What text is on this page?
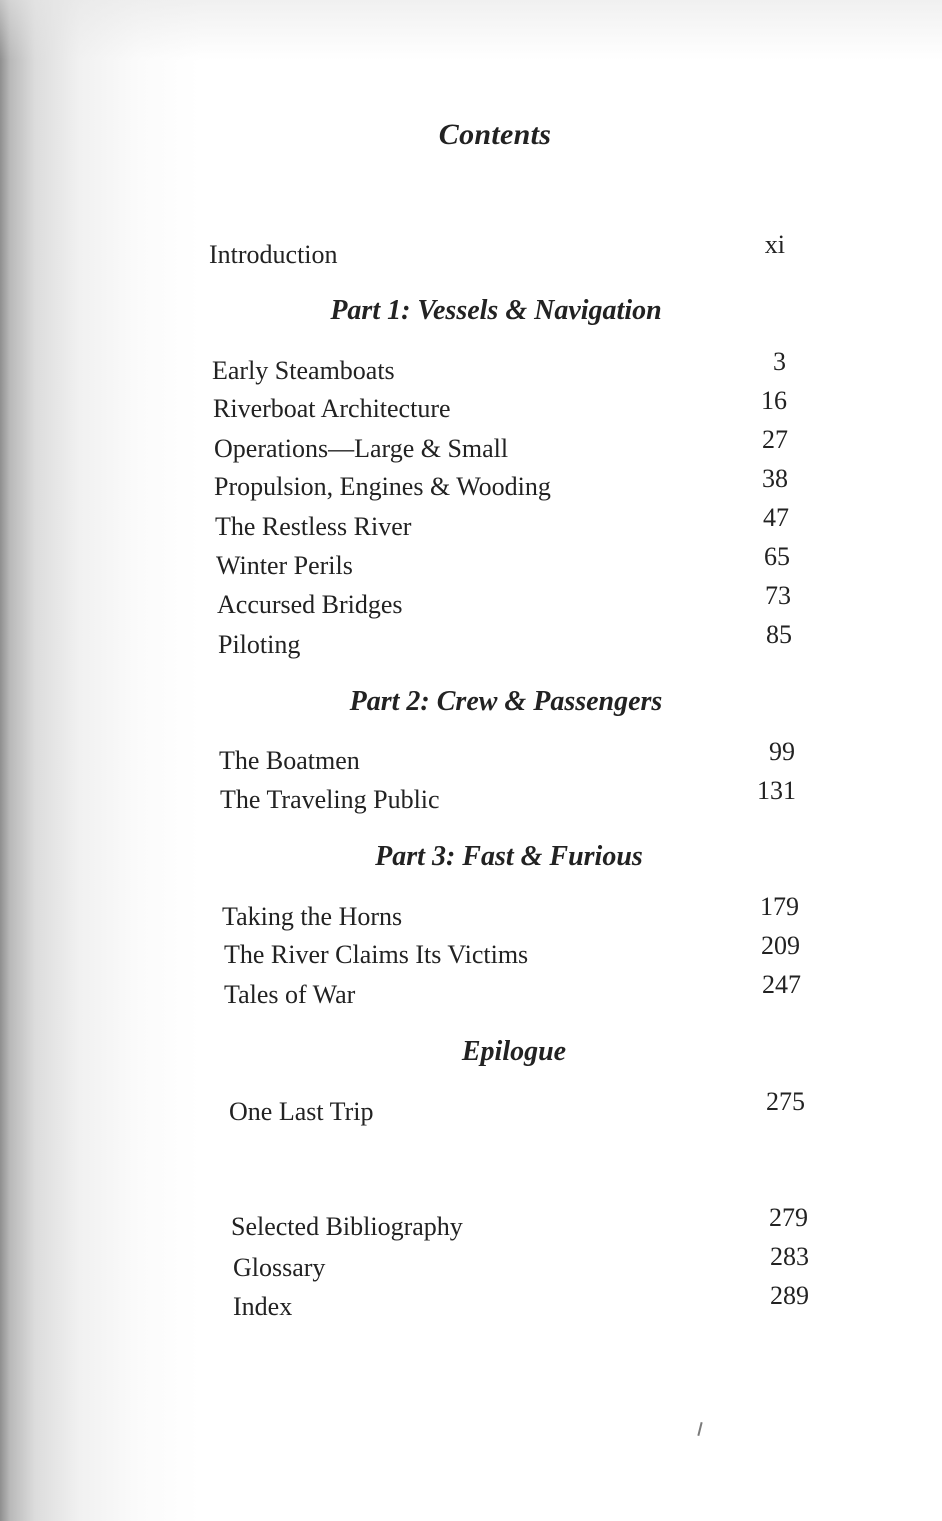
Contents
Introduction	xi
Part 1: Vessels & Navigation
Early Steamboats	3
Riverboat Architecture	16
Operations—Large & Small	27
Propulsion, Engines & Wooding	38
The Restless River	47
Winter Perils	65
Accursed Bridges	73
Piloting	85
Part 2: Crew & Passengers
The Boatmen	99
The Traveling Public	131
Part 3: Fast & Furious
Taking the Horns	179
The River Claims Its Victims	209
Tales of War	247
Epilogue
One Last Trip	275
Selected Bibliography	279
Glossary	283
Index	289
